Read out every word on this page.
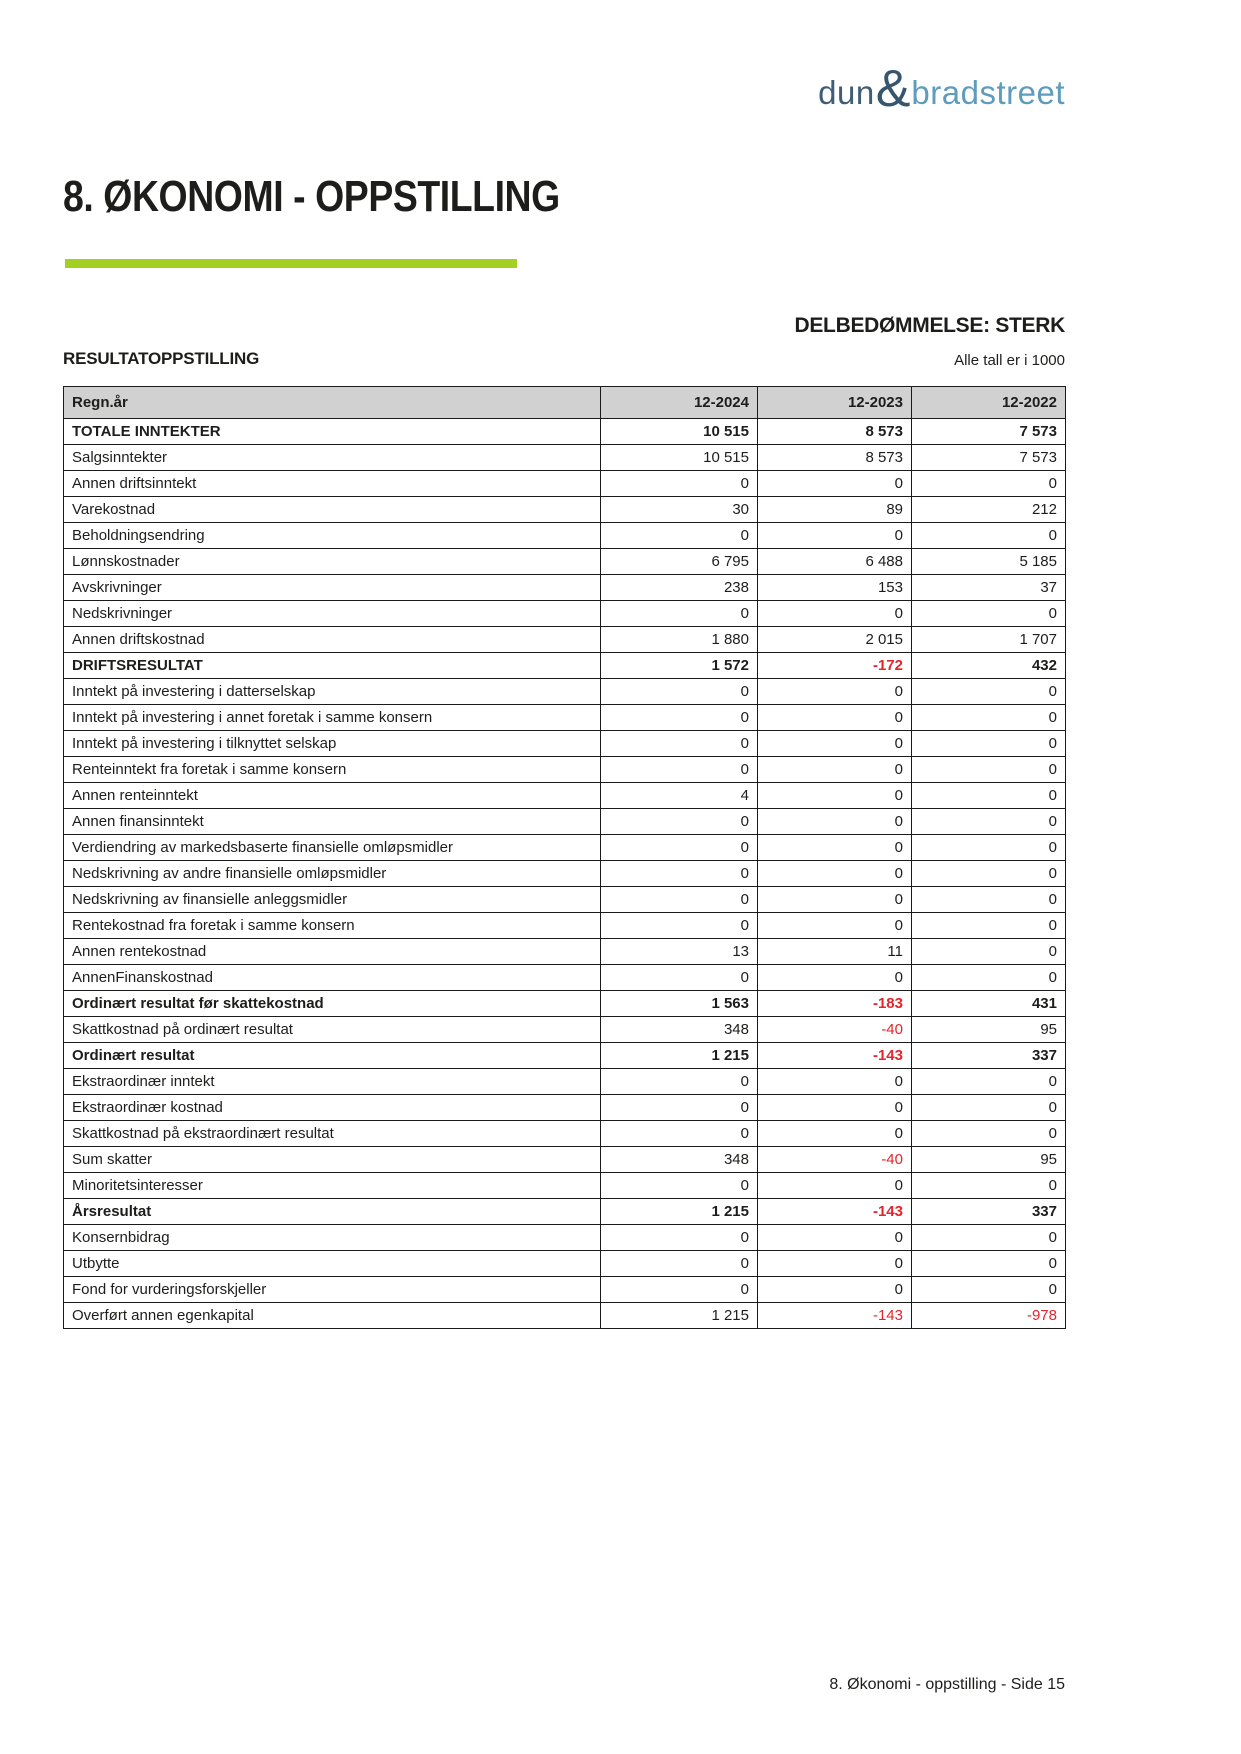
dun & bradstreet
8. ØKONOMI - OPPSTILLING
DELBEDØMMELSE: STERK
RESULTATOPPSTILLING	Alle tall er i 1000
Regn.år	12-2024	12-2023	12-2022
TOTALE INNTEKTER	10 515	8 573	7 573
Salgsinntekter	10 515	8 573	7 573
Annen driftsinntekt	0	0	0
Varekostnad	30	89	212
Beholdningsendring	0	0	0
Lønnskostnader	6 795	6 488	5 185
Avskrivninger	238	153	37
Nedskrivninger	0	0	0
Annen driftskostnad	1 880	2 015	1 707
DRIFTSRESULTAT	1 572	-172	432
Inntekt på investering i datterselskap	0	0	0
Inntekt på investering i annet foretak i samme konsern	0	0	0
Inntekt på investering i tilknyttet selskap	0	0	0
Renteinntekt fra foretak i samme konsern	0	0	0
Annen renteinntekt	4	0	0
Annen finansinntekt	0	0	0
Verdiendring av markedsbaserte finansielle omløpsmidler	0	0	0
Nedskrivning av andre finansielle omløpsmidler	0	0	0
Nedskrivning av finansielle anleggsmidler	0	0	0
Rentekostnad fra foretak i samme konsern	0	0	0
Annen rentekostnad	13	11	0
AnnenFinanskostnad	0	0	0
Ordinært resultat før skattekostnad	1 563	-183	431
Skattkostnad på ordinært resultat	348	-40	95
Ordinært resultat	1 215	-143	337
Ekstraordinær inntekt	0	0	0
Ekstraordinær kostnad	0	0	0
Skattkostnad på ekstraordinært resultat	0	0	0
Sum skatter	348	-40	95
Minoritetsinteresser	0	0	0
Årsresultat	1 215	-143	337
Konsernbidrag	0	0	0
Utbytte	0	0	0
Fond for vurderingsforskjeller	0	0	0
Overført annen egenkapital	1 215	-143	-978
8. Økonomi - oppstilling - Side 15
